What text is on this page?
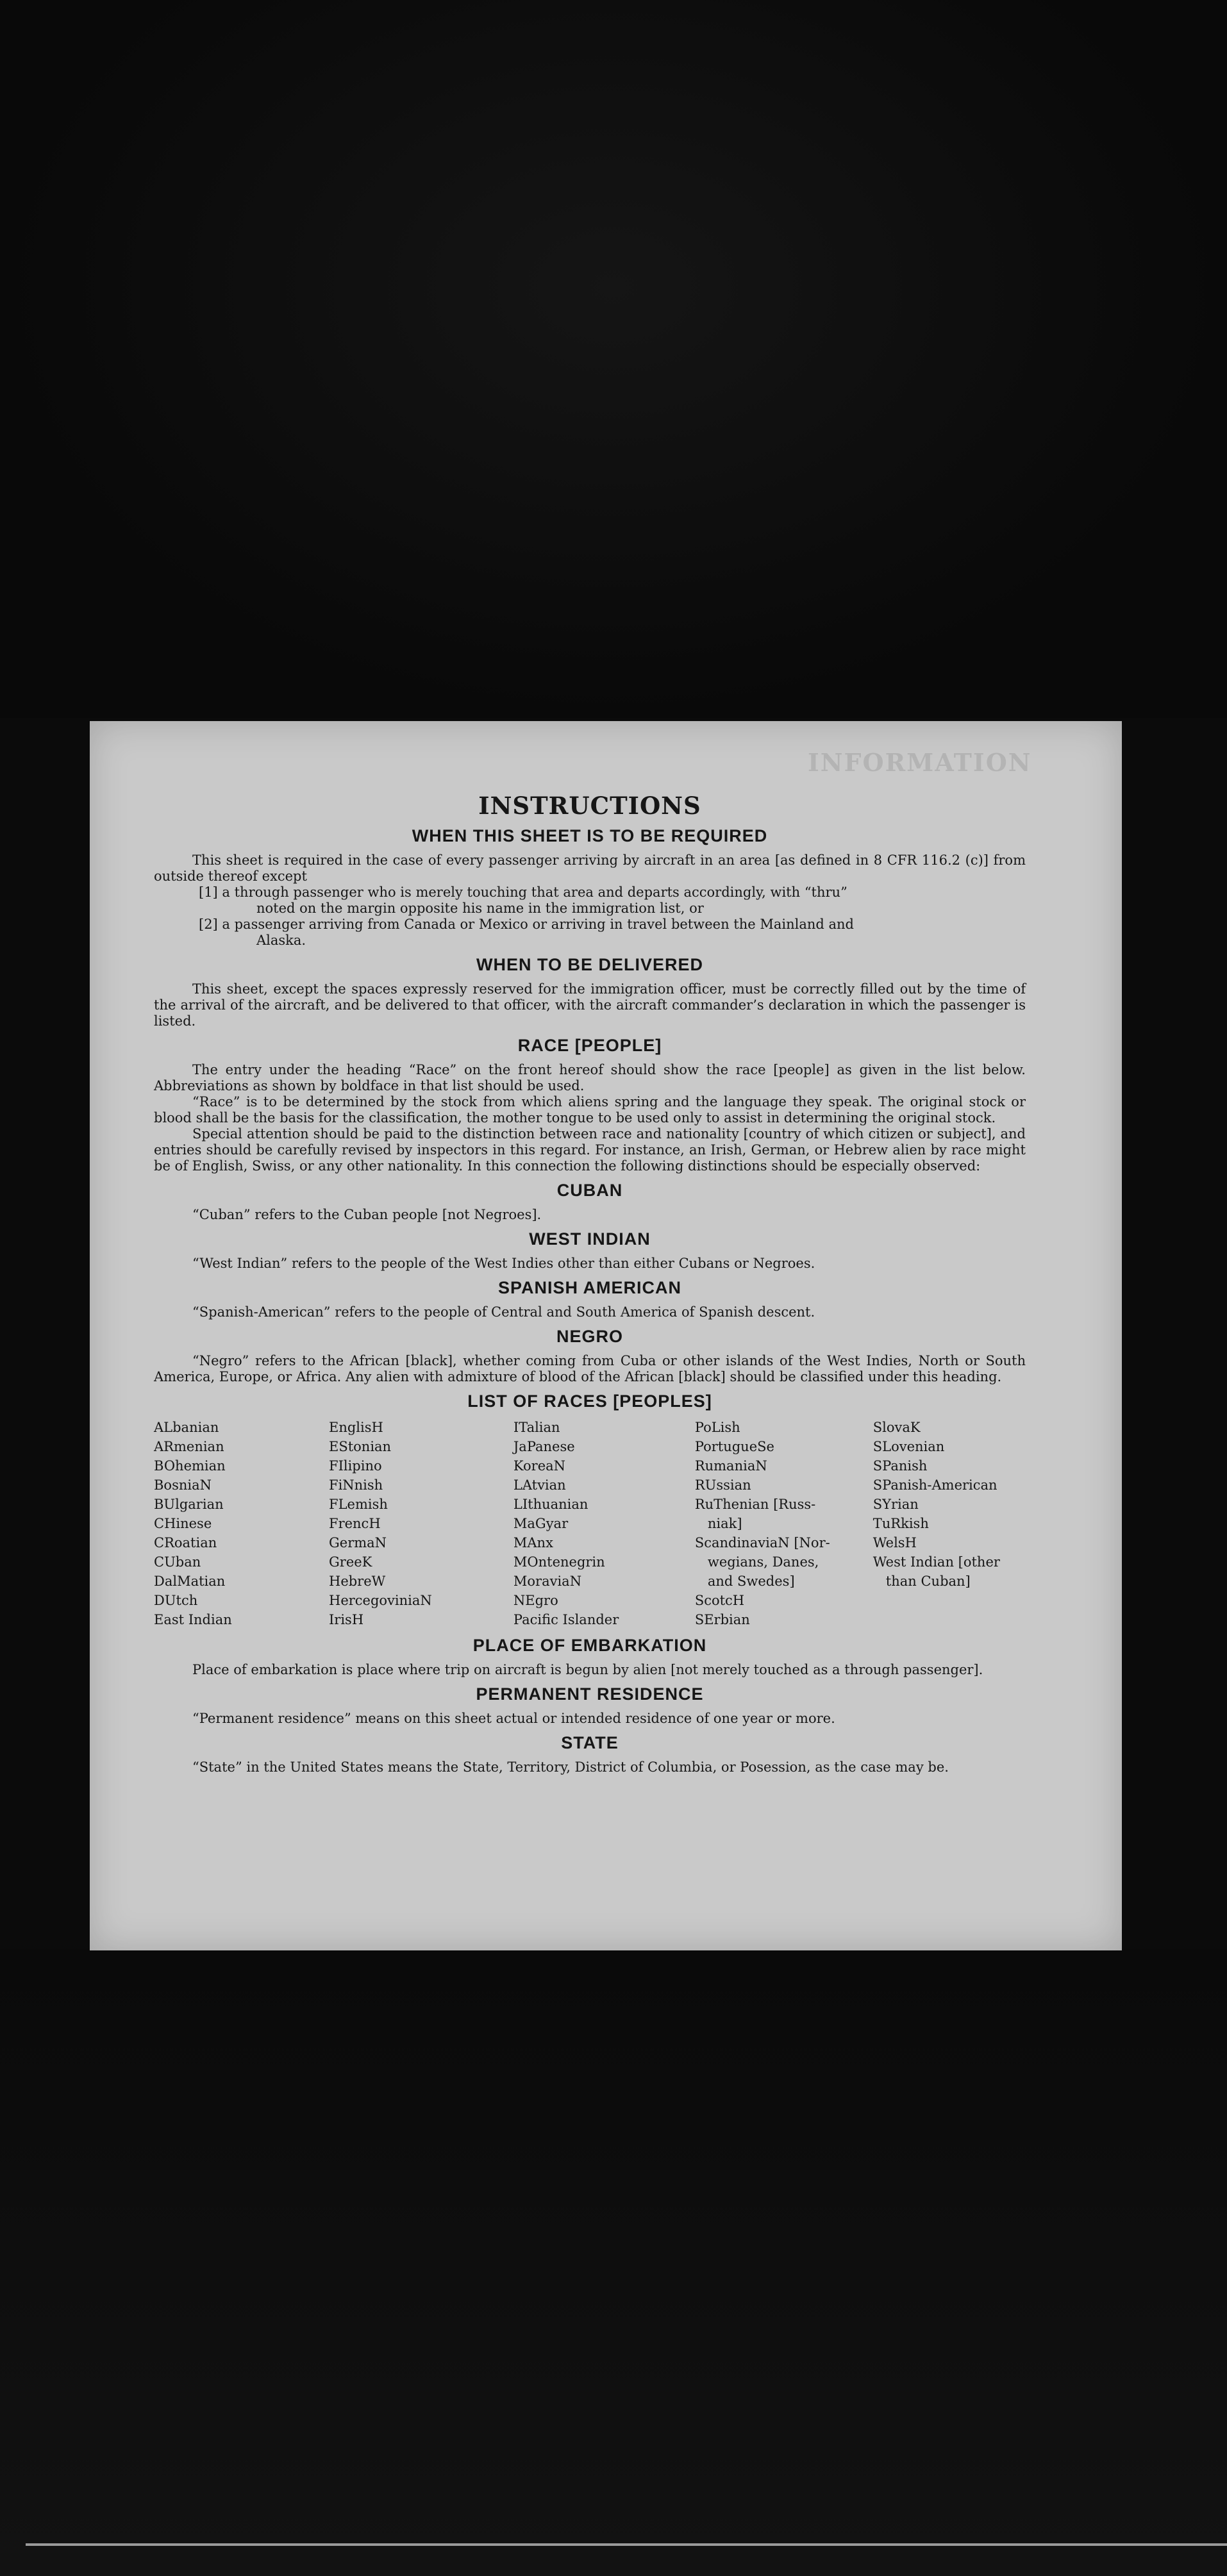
INFORMATION
INSTRUCTIONS
WHEN THIS SHEET IS TO BE REQUIRED

This sheet is required in the case of every passenger arriving by aircraft in an area [as defined in 8 CFR 116.2 (c)] from outside thereof except

[1] a through passenger who is merely touching that area and departs accordingly, with “thru”
noted on the margin opposite his name in the immigration list, or

[2] a passenger arriving from Canada or Mexico or arriving in travel between the Mainland and
Alaska.

WHEN TO BE DELIVERED

This sheet, except the spaces expressly reserved for the immigration officer, must be correctly filled out by the time of the arrival of the aircraft, and be delivered to that officer, with the aircraft commander’s declaration in which the passenger is listed.

RACE [PEOPLE]

The entry under the heading “Race” on the front hereof should show the race [people] as given in the list below. Abbreviations as shown by boldface in that list should be used.

“Race” is to be determined by the stock from which aliens spring and the language they speak. The original stock or blood shall be the basis for the classification, the mother tongue to be used only to assist in determining the original stock.

Special attention should be paid to the distinction between race and nationality [country of which citizen or subject], and entries should be carefully revised by inspectors in this regard. For instance, an Irish, German, or Hebrew alien by race might be of English, Swiss, or any other nationality. In this connection the following distinctions should be especially observed:

CUBAN

“Cuban” refers to the Cuban people [not Negroes].

WEST INDIAN

“West Indian” refers to the people of the West Indies other than either Cubans or Negroes.

SPANISH AMERICAN

“Spanish-American” refers to the people of Central and South America of Spanish descent.

NEGRO

“Negro” refers to the African [black], whether coming from Cuba or other islands of the West Indies, North or South America, Europe, or Africa. Any alien with admixture of blood of the African [black] should be classified under this heading.

LIST OF RACES [PEOPLES]
ALbanian
ARmenian
BOhemian
BosniaN
BUlgarian
CHinese
CRoatian
CUban
DalMatian
DUtch
East Indian
EnglisH
EStonian
FIlipino
FiNnish
FLemish
FrencH
GermaN
GreeK
HebreW
HercegoviniaN
IrisH
ITalian
JaPanese
KoreaN
LAtvian
LIthuanian
MaGyar
MAnx
MOntenegrin
MoraviaN
NEgro
Pacific Islander
PoLish
PortugueSe
RumaniaN
RUssian
RuThenian [Russ-
niak]
ScandinaviaN [Nor-
wegians, Danes,
and Swedes]
ScotcH
SErbian
SlovaK
SLovenian
SPanish
SPanish-American
SYrian
TuRkish
WelsH
West Indian [other
than Cuban]
PLACE OF EMBARKATION

Place of embarkation is place where trip on aircraft is begun by alien [not merely touched as a through passenger].

PERMANENT RESIDENCE

“Permanent residence” means on this sheet actual or intended residence of one year or more.

STATE

“State” in the United States means the State, Territory, District of Columbia, or Posession, as the case may be.
